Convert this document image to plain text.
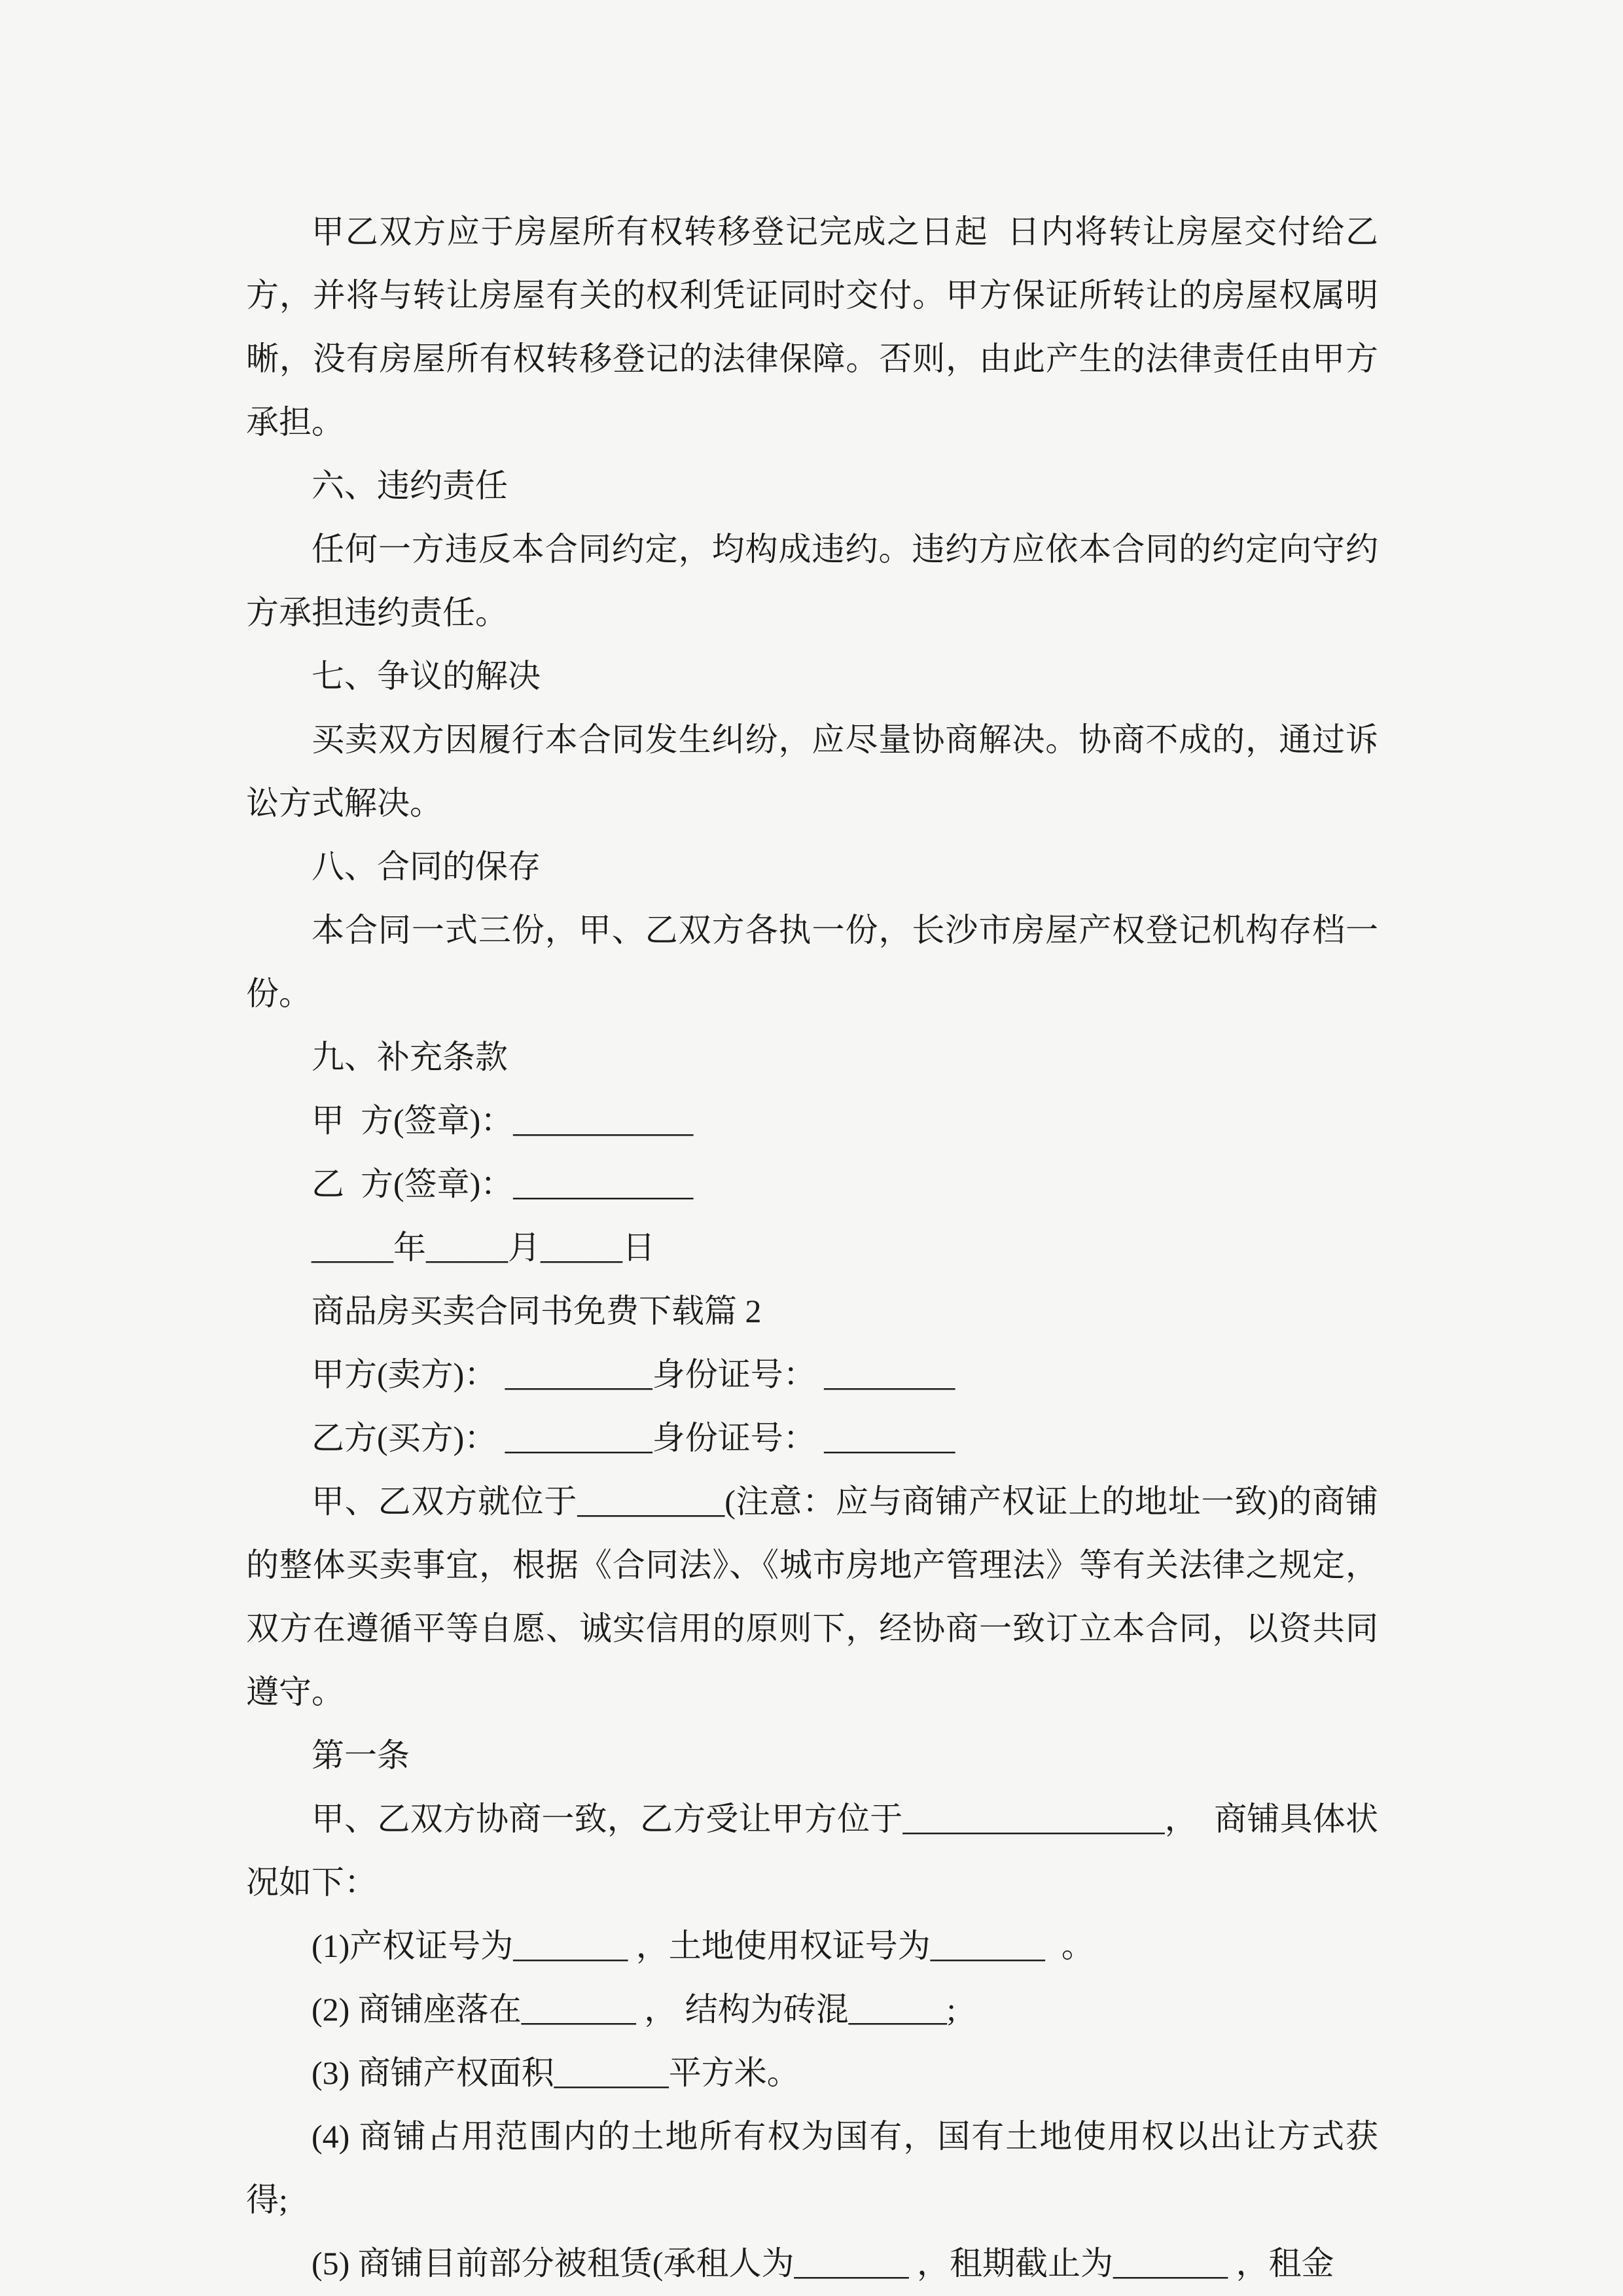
甲乙双方应于房屋所有权转移登记完成之日起  日内将转让房屋交付给乙方，并将与转让房屋有关的权利凭证同时交付。甲方保证所转让的房屋权属明晰，没有房屋所有权转移登记的法律保障。否则，由此产生的法律责任由甲方承担。

六、违约责任

任何一方违反本合同约定，均构成违约。违约方应依本合同的约定向守约方承担违约责任。

七、争议的解决

买卖双方因履行本合同发生纠纷，应尽量协商解决。协商不成的，通过诉讼方式解决。

八、合同的保存

本合同一式三份，甲、乙双方各执一份，长沙市房屋产权登记机构存档一份。

九、补充条款

甲  方(签章)：___________

乙  方(签章)：___________

_____年_____月_____日

商品房买卖合同书免费下载篇 2

甲方(卖方)： _________身份证号： ________

乙方(买方)： _________身份证号： ________

甲、乙双方就位于_________(注意：应与商铺产权证上的地址一致)的商铺的整体买卖事宜，根据《合同法》、《城市房地产管理法》等有关法律之规定，双方在遵循平等自愿、诚实信用的原则下，经协商一致订立本合同，以资共同遵守。

第一条

甲、乙双方协商一致，乙方受让甲方位于________________，  商铺具体状况如下：

(1)产权证号为_______ ，土地使用权证号为_______  。

(2) 商铺座落在_______ ， 结构为砖混______;

(3) 商铺产权面积_______平方米。

(4) 商铺占用范围内的土地所有权为国有，国有土地使用权以出让方式获得;

(5) 商铺目前部分被租赁(承租人为_______ ，租期截止为_______ ，租金
